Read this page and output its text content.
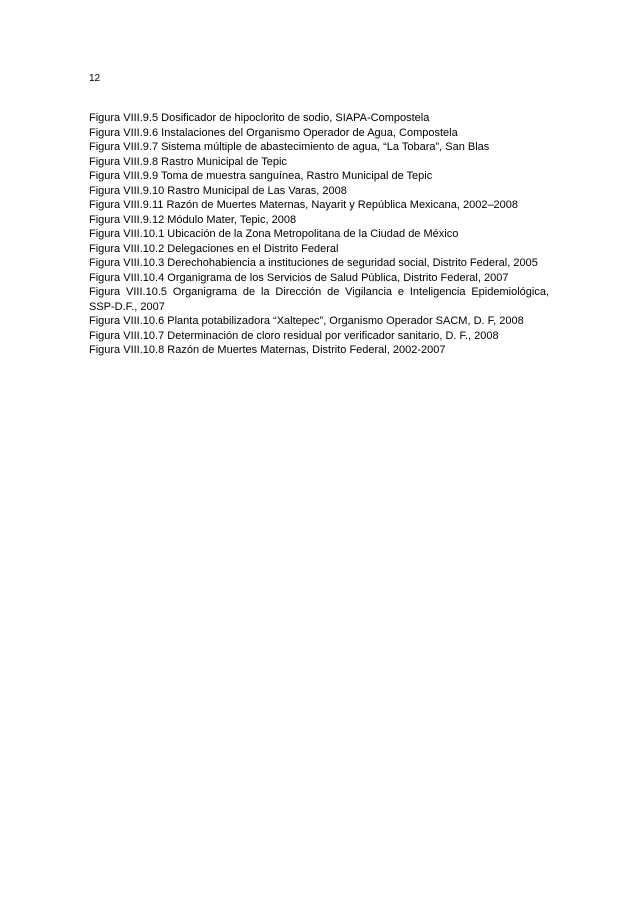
12
Figura VIII.9.5 Dosificador de hipoclorito de sodio, SIAPA-Compostela
Figura VIII.9.6 Instalaciones del Organismo Operador de Agua, Compostela
Figura VIII.9.7 Sistema múltiple de abastecimiento de agua, “La Tobara”, San Blas
Figura VIII.9.8 Rastro Municipal de Tepic
Figura VIII.9.9 Toma de muestra sanguínea, Rastro Municipal de Tepic
Figura VIII.9.10 Rastro Municipal de Las Varas, 2008
Figura VIII.9.11 Razón de Muertes Maternas, Nayarit y República Mexicana, 2002–2008
Figura VIII.9.12 Módulo Mater, Tepic, 2008
Figura VIII.10.1 Ubicación de la Zona Metropolitana de la Ciudad de México
Figura VIII.10.2 Delegaciones en el Distrito Federal
Figura VIII.10.3 Derechohabiencia a instituciones de seguridad social, Distrito Federal, 2005
Figura VIII.10.4 Organigrama de los Servicios de Salud Pública, Distrito Federal, 2007
Figura VIII.10.5 Organigrama de la Dirección de Vigilancia e Inteligencia Epidemiológica, SSP-D.F., 2007
Figura VIII.10.6 Planta potabilizadora “Xaltepec”, Organismo Operador SACM, D. F, 2008
Figura VIII.10.7 Determinación de cloro residual por verificador sanitario, D. F., 2008
Figura VIII.10.8 Razón de Muertes Maternas, Distrito Federal, 2002-2007
